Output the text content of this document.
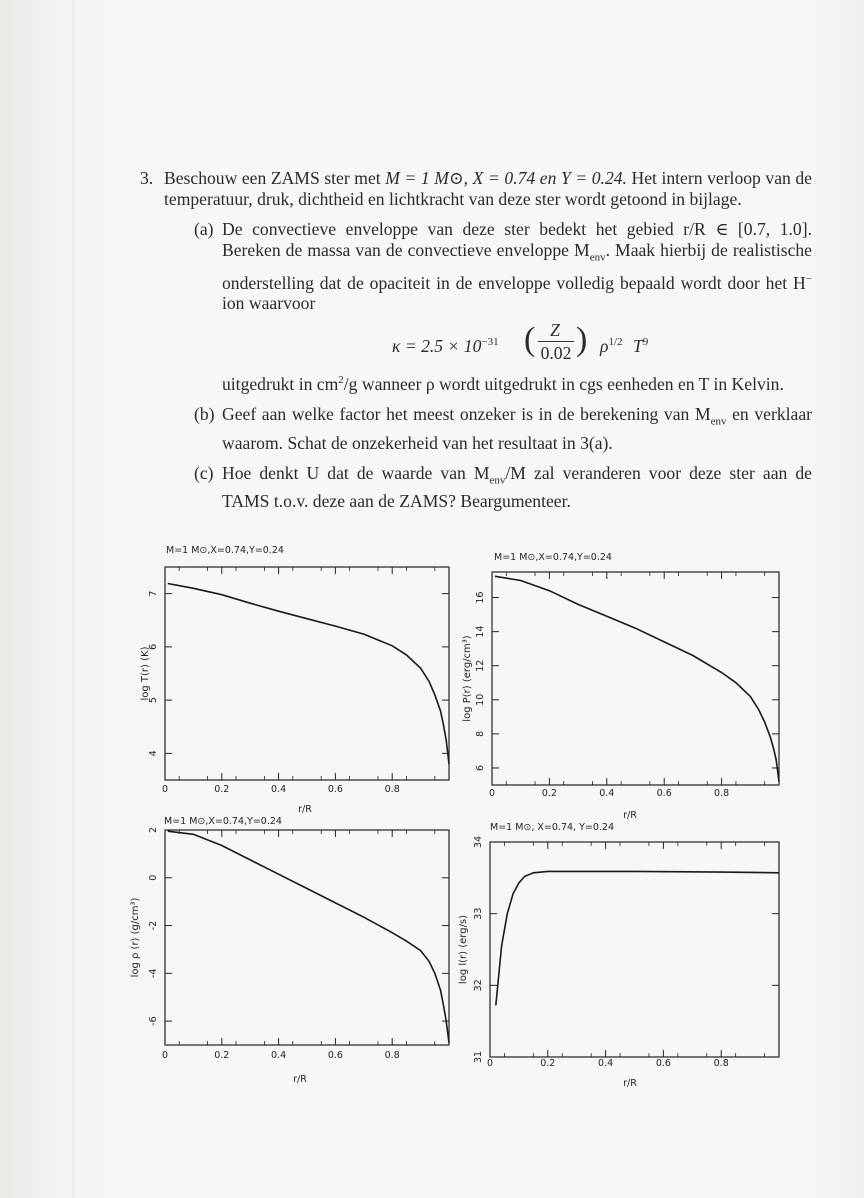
3. Beschouw een ZAMS ster met M = 1 M⊙, X = 0.74 en Y = 0.24. Het intern verloop van de temperatuur, druk, dichtheid en lichtkracht van deze ster wordt getoond in bijlage.
(a) De convectieve enveloppe van deze ster bedekt het gebied r/R ∈ [0.7, 1.0]. Bereken de massa van de convectieve enveloppe $M_{env}$. Maak hierbij de realistische onderstelling dat de opaciteit in de enveloppe volledig bepaald wordt door het H− ion waarvoor
$\kappa = 2.5 \times 10^{-31}$ ( Z
0.02 ) $\rho^{1/2}$ $T^9$
uitgedrukt in $cm^2/g$ wanneer ρ wordt uitgedrukt in cgs eenheden en T in Kelvin.
(b) Geef aan welke factor het meest onzeker is in de berekening van $M_{env}$ en verklaar waarom. Schat de onzekerheid van het resultaat in 3(a).
(c) Hoe denkt U dat de waarde van $M_{env}/M$ zal veranderen voor deze ster aan de TAMS t.o.v. deze aan de ZAMS? Beargumenteer.
M=1 M⊙,X=0.74,Y=0.24
0	0.2	0.4	0.6	0.8
4
5
6
7
log T(r) (K)
r/R
M=1 M⊙,X=0.74,Y=0.24
0	0.2	0.4	0.6	0.8
6
8
10
12
14
16
log P(r) (erg/cm³)
r/R
M=1 M⊙,X=0.74,Y=0.24
0	0.2	0.4	0.6	0.8
-6
-4
-2
0
2
log ρ (r) (g/cm³)
r/R
M=1 M⊙, X=0.74, Y=0.24
0	0.2	0.4	0.6	0.8
31
32
33
34
log l(r) (erg/s)
r/R
